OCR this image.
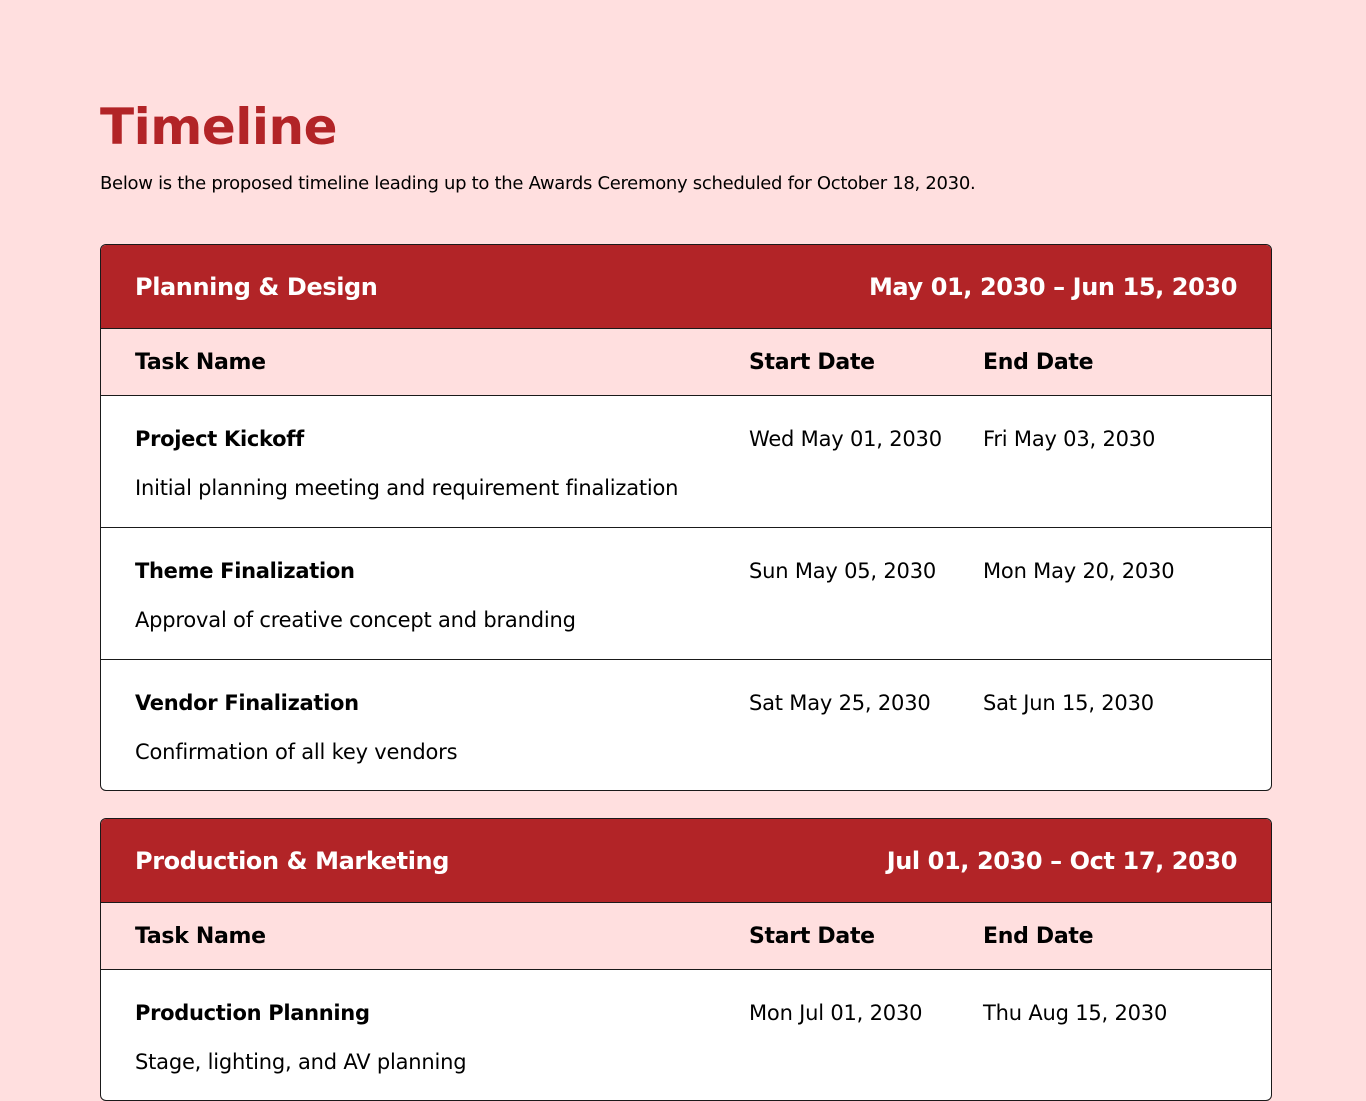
Timeline

Below is the proposed timeline leading up to the Awards Ceremony scheduled for October 18, 2030.

Planning & Design	May 01, 2030 – Jun 15, 2030
Task Name	Start Date	End Date
Project Kickoff
Initial planning meeting and requirement finalization
Wed May 01, 2030	Fri May 03, 2030
Theme Finalization
Approval of creative concept and branding
Sun May 05, 2030	Mon May 20, 2030
Vendor Finalization
Confirmation of all key vendors
Sat May 25, 2030	Sat Jun 15, 2030
Production & Marketing	Jul 01, 2030 – Oct 17, 2030
Task Name	Start Date	End Date
Production Planning
Stage, lighting, and AV planning
Mon Jul 01, 2030	Thu Aug 15, 2030
